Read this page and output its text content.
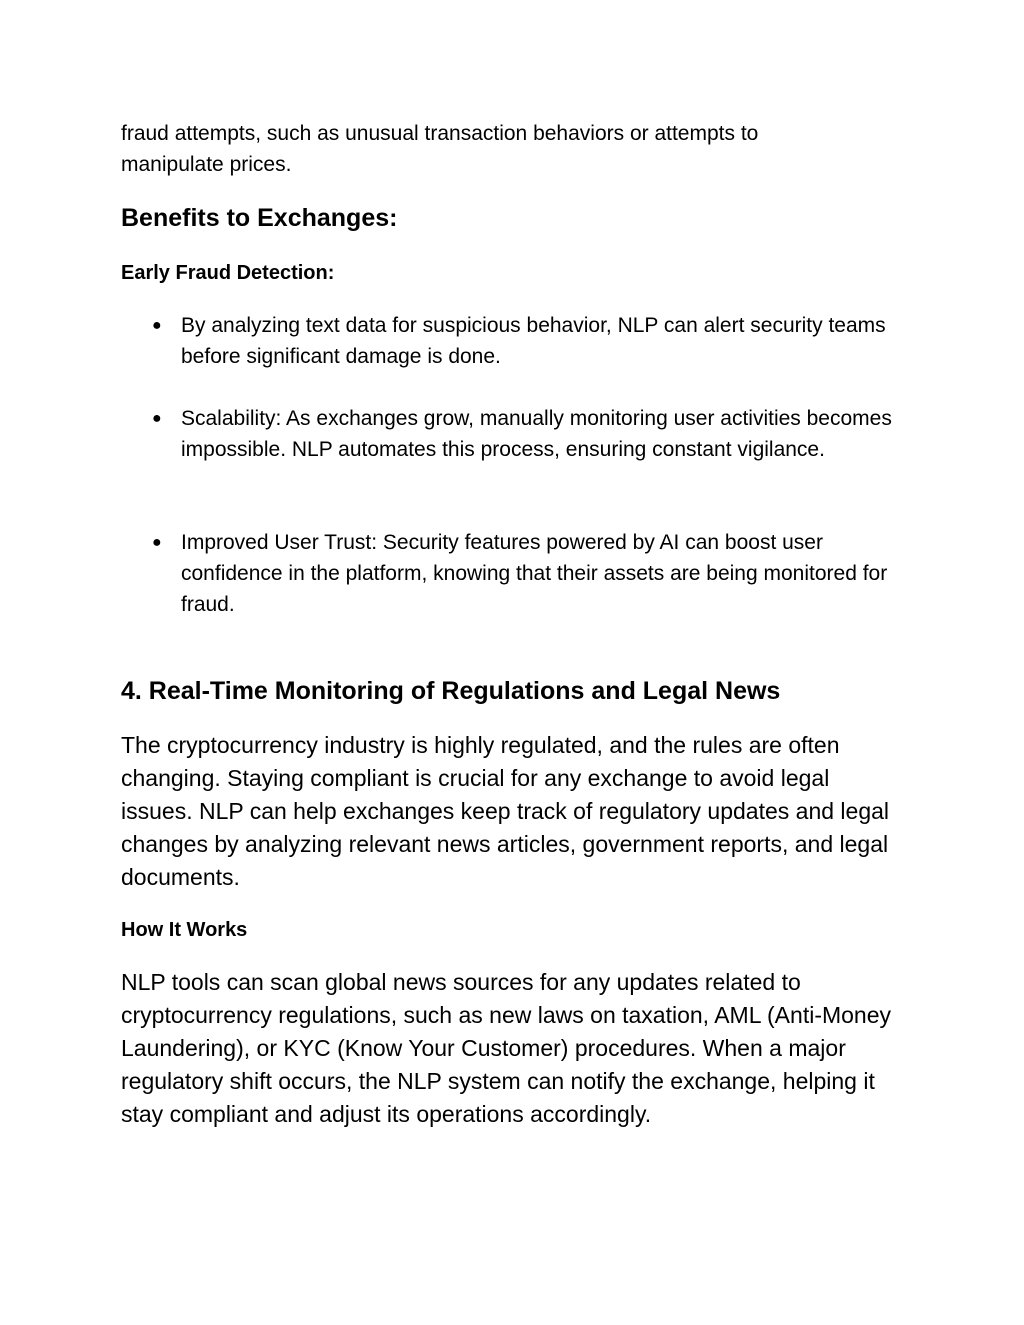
fraud attempts, such as unusual transaction behaviors or attempts to manipulate prices.

Benefits to Exchanges:
Early Fraud Detection:
● By analyzing text data for suspicious behavior, NLP can alert security teams before significant damage is done.
● Scalability: As exchanges grow, manually monitoring user activities becomes impossible. NLP automates this process, ensuring constant vigilance.
● Improved User Trust: Security features powered by AI can boost user confidence in the platform, knowing that their assets are being monitored for fraud.
4. Real-Time Monitoring of Regulations and Legal News

The cryptocurrency industry is highly regulated, and the rules are often changing. Staying compliant is crucial for any exchange to avoid legal issues. NLP can help exchanges keep track of regulatory updates and legal changes by analyzing relevant news articles, government reports, and legal documents.

How It Works

NLP tools can scan global news sources for any updates related to cryptocurrency regulations, such as new laws on taxation, AML (Anti-Money Laundering), or KYC (Know Your Customer) procedures. When a major regulatory shift occurs, the NLP system can notify the exchange, helping it stay compliant and adjust its operations accordingly.
